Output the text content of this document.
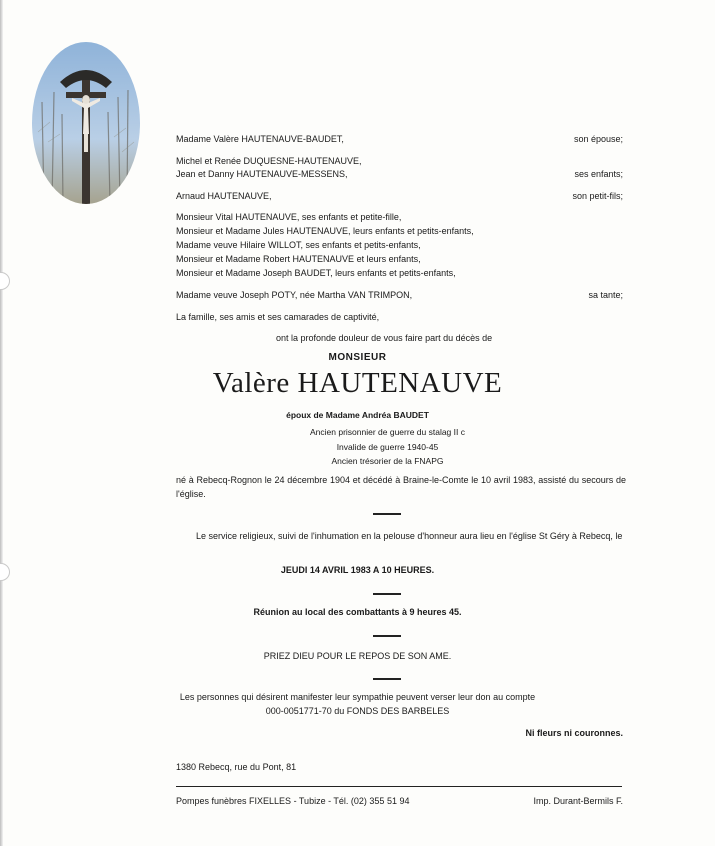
Madame Valère HAUTENAUVE-BAUDET,	son épouse;
Michel et Renée DUQUESNE-HAUTENAUVE,
Jean et Danny HAUTENAUVE-MESSENS,	ses enfants;
Arnaud HAUTENAUVE,	son petit-fils;
Monsieur Vital HAUTENAUVE, ses enfants et petite-fille,
Monsieur et Madame Jules HAUTENAUVE, leurs enfants et petits-enfants,
Madame veuve Hilaire WILLOT, ses enfants et petits-enfants,
Monsieur et Madame Robert HAUTENAUVE et leurs enfants,
Monsieur et Madame Joseph BAUDET, leurs enfants et petits-enfants,
Madame veuve Joseph POTY, née Martha VAN TRIMPON,	sa tante;
La famille, ses amis et ses camarades de captivité,
ont la profonde douleur de vous faire part du décès de
MONSIEUR
Valère HAUTENAUVE
époux de Madame Andréa BAUDET
Ancien prisonnier de guerre du stalag II c
Invalide de guerre 1940-45
Ancien trésorier de la FNAPG
né à Rebecq-Rognon le 24 décembre 1904 et décédé à Braine-le-Comte le 10 avril 1983, assisté du secours de l'église.
Le service religieux, suivi de l'inhumation en la pelouse d'honneur aura lieu en l'église St Géry à Rebecq, le
JEUDI 14 AVRIL 1983 A 10 HEURES.
Réunion au local des combattants à 9 heures 45.
PRIEZ DIEU POUR LE REPOS DE SON AME.
Les personnes qui désirent manifester leur sympathie peuvent verser leur don au compte
000-0051771-70 du FONDS DES BARBELES
Ni fleurs ni couronnes.
1380 Rebecq, rue du Pont, 81
Pompes funèbres FIXELLES - Tubize - Tél. (02) 355 51 94	Imp. Durant-Bermils F.
